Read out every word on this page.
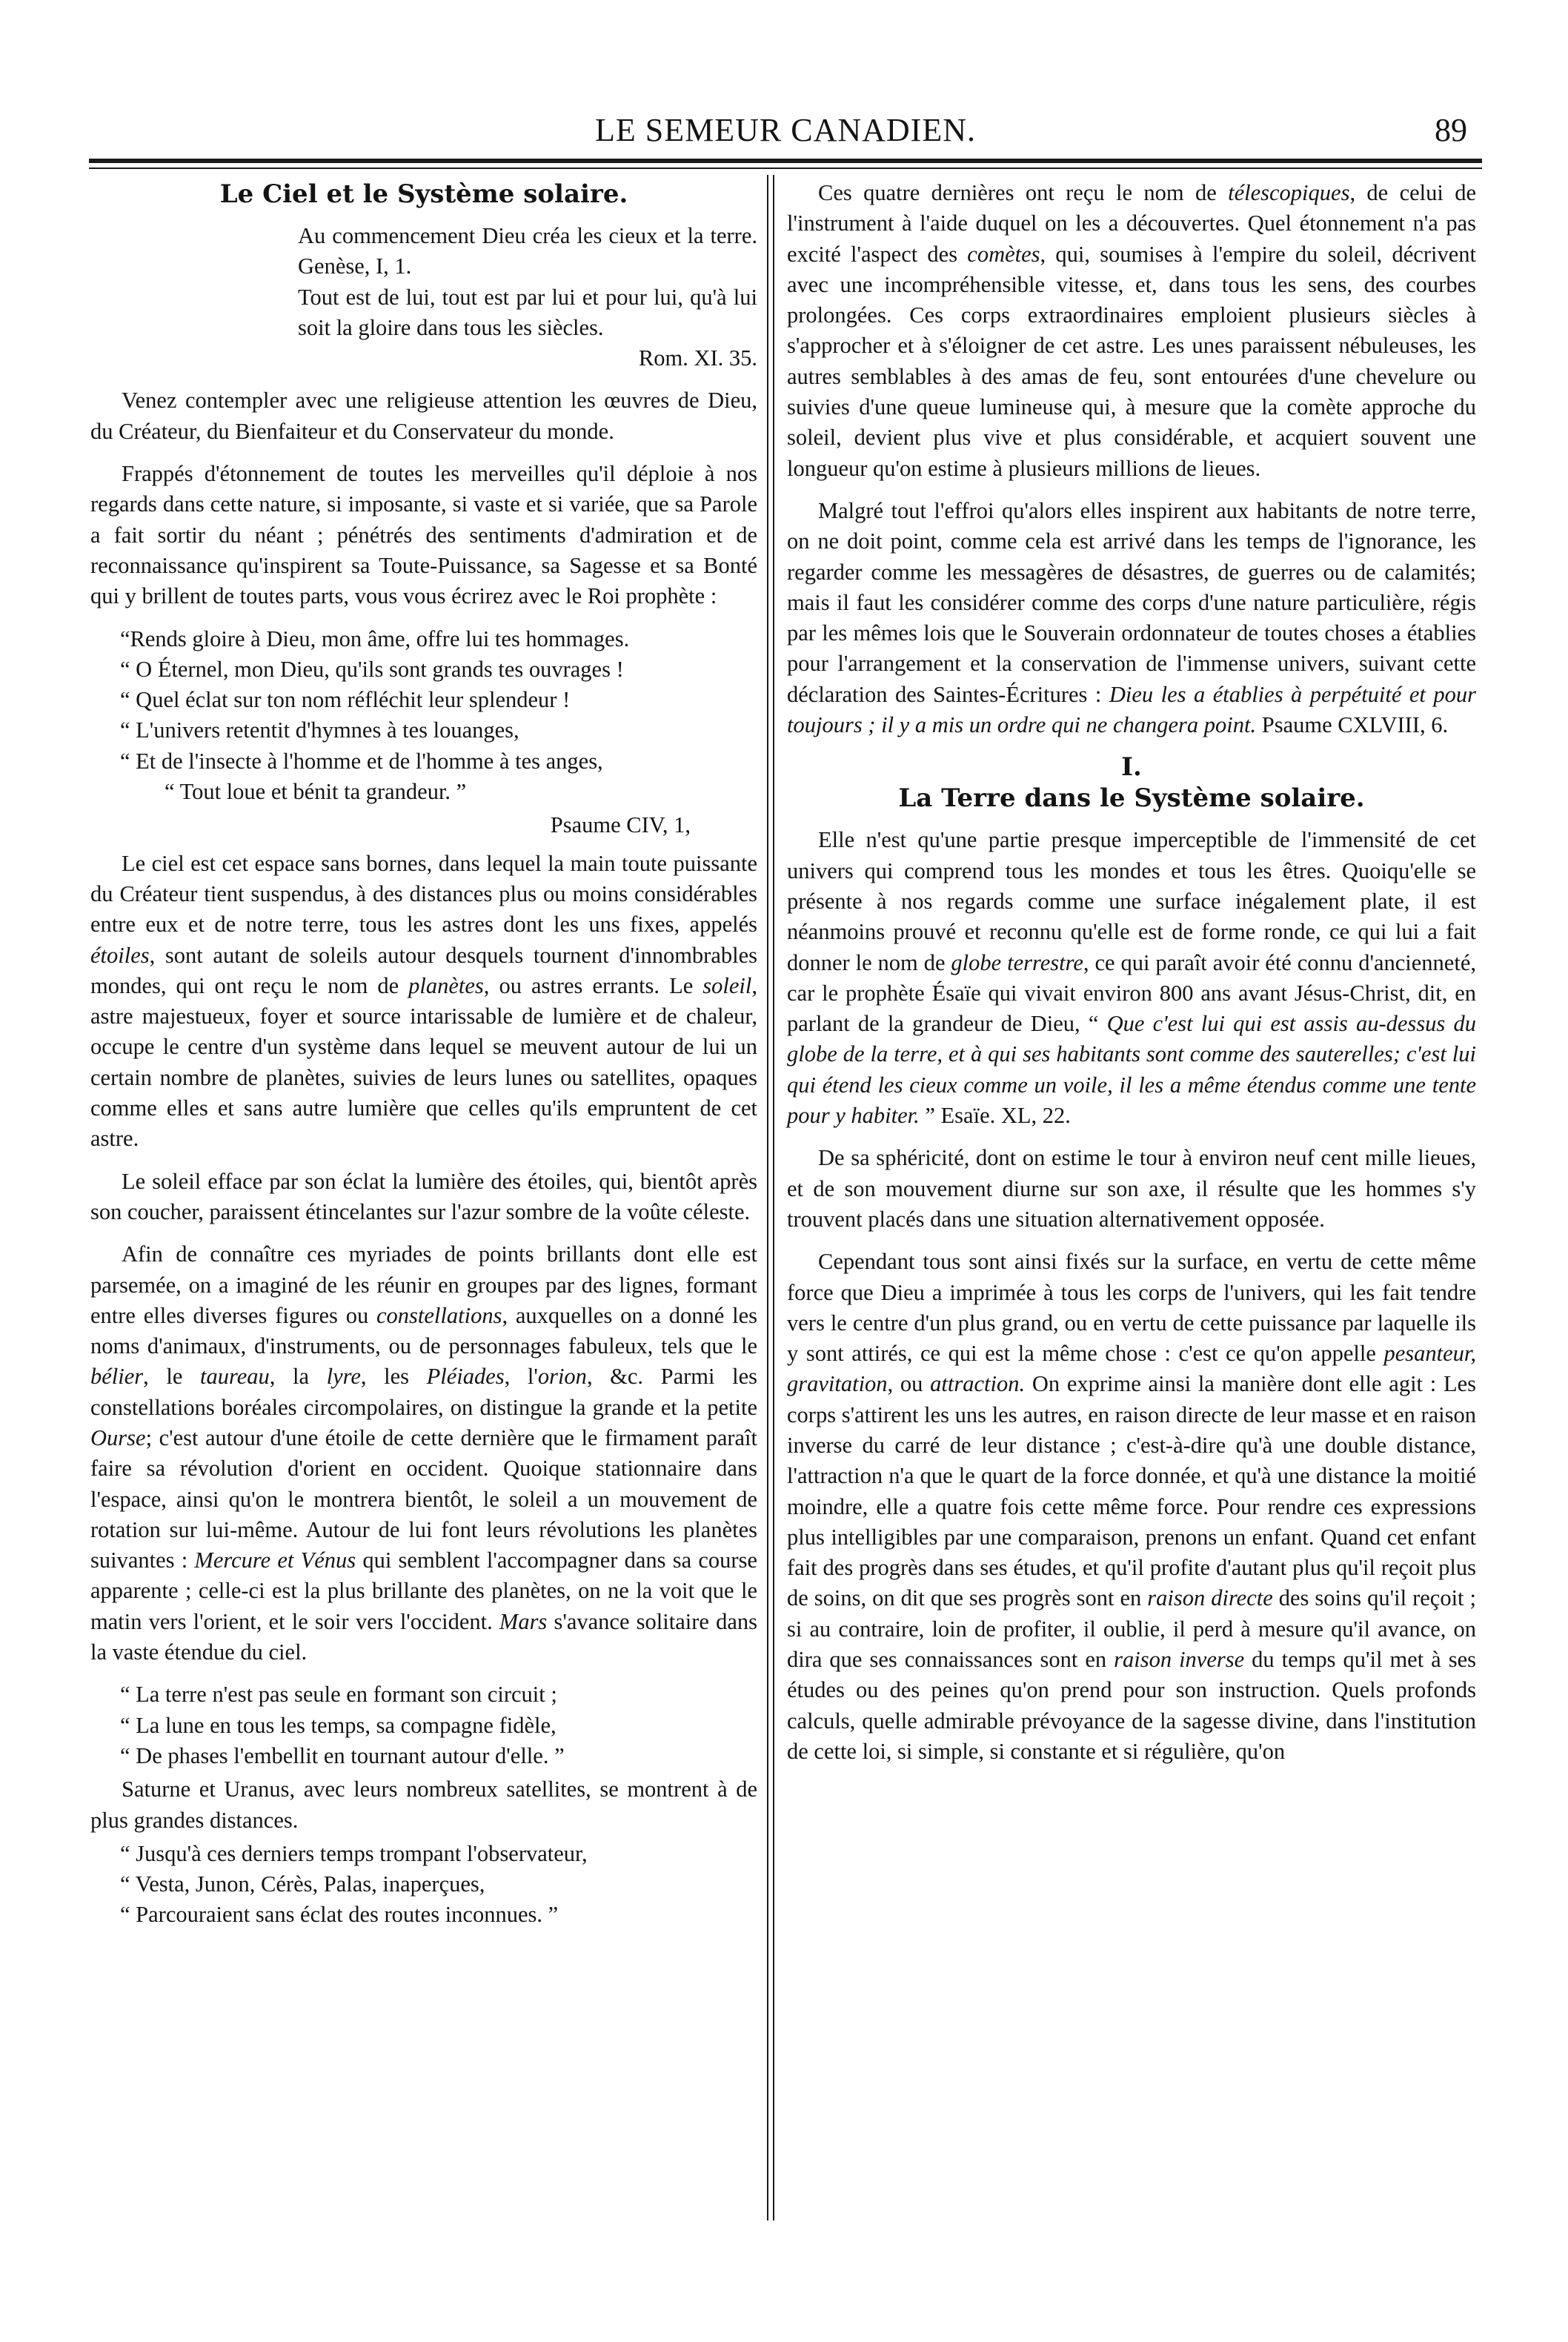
LE SEMEUR CANADIEN.	89
Le Ciel et le Système solaire.
Au commencement Dieu créa les cieux et la terre. Genèse, I, 1.
Tout est de lui, tout est par lui et pour lui, qu'à lui soit la gloire dans tous les siècles.
Rom. XI. 35.

Venez contempler avec une religieuse attention les œuvres de Dieu, du Créateur, du Bienfaiteur et du Conservateur du monde.

Frappés d'étonnement de toutes les merveilles qu'il déploie à nos regards dans cette nature, si imposante, si vaste et si variée, que sa Parole a fait sortir du néant ; pénétrés des sentiments d'admiration et de reconnaissance qu'inspirent sa Toute-Puissance, sa Sagesse et sa Bonté qui y brillent de toutes parts, vous vous écrirez avec le Roi prophète :

“Rends gloire à Dieu, mon âme, offre lui tes hommages.
“ O Éternel, mon Dieu, qu'ils sont grands tes ouvrages !
“ Quel éclat sur ton nom réfléchit leur splendeur !
“ L'univers retentit d'hymnes à tes louanges,
“ Et de l'insecte à l'homme et de l'homme à tes anges,
“ Tout loue et bénit ta grandeur. ”
Psaume CIV, 1,

Le ciel est cet espace sans bornes, dans lequel la main toute puissante du Créateur tient suspendus, à des distances plus ou moins considérables entre eux et de notre terre, tous les astres dont les uns fixes, appelés étoiles, sont autant de soleils autour desquels tournent d'innombrables mondes, qui ont reçu le nom de planètes, ou astres errants. Le soleil, astre majestueux, foyer et source intarissable de lumière et de chaleur, occupe le centre d'un système dans lequel se meuvent autour de lui un certain nombre de planètes, suivies de leurs lunes ou satellites, opaques comme elles et sans autre lumière que celles qu'ils empruntent de cet astre.

Le soleil efface par son éclat la lumière des étoiles, qui, bientôt après son coucher, paraissent étincelantes sur l'azur sombre de la voûte céleste.

Afin de connaître ces myriades de points brillants dont elle est parsemée, on a imaginé de les réunir en groupes par des lignes, formant entre elles diverses figures ou constellations, auxquelles on a donné les noms d'animaux, d'instruments, ou de personnages fabuleux, tels que le bélier, le taureau, la lyre, les Pléiades, l'orion, &c. Parmi les constellations boréales circompolaires, on distingue la grande et la petite Ourse; c'est autour d'une étoile de cette dernière que le firmament paraît faire sa révolution d'orient en occident. Quoique stationnaire dans l'espace, ainsi qu'on le montrera bientôt, le soleil a un mouvement de rotation sur lui-même. Autour de lui font leurs révolutions les planètes suivantes : Mercure et Vénus qui semblent l'accompagner dans sa course apparente ; celle-ci est la plus brillante des planètes, on ne la voit que le matin vers l'orient, et le soir vers l'occident. Mars s'avance solitaire dans la vaste étendue du ciel.

“ La terre n'est pas seule en formant son circuit ;
“ La lune en tous les temps, sa compagne fidèle,
“ De phases l'embellit en tournant autour d'elle. ”

Saturne et Uranus, avec leurs nombreux satellites, se montrent à de plus grandes distances.

“ Jusqu'à ces derniers temps trompant l'observateur,
“ Vesta, Junon, Cérès, Palas, inaperçues,
“ Parcouraient sans éclat des routes inconnues. ”

Ces quatre dernières ont reçu le nom de télescopiques, de celui de l'instrument à l'aide duquel on les a découvertes. Quel étonnement n'a pas excité l'aspect des comètes, qui, soumises à l'empire du soleil, décrivent avec une incompréhensible vitesse, et, dans tous les sens, des courbes prolongées. Ces corps extraordinaires emploient plusieurs siècles à s'approcher et à s'éloigner de cet astre. Les unes paraissent nébuleuses, les autres semblables à des amas de feu, sont entourées d'une chevelure ou suivies d'une queue lumineuse qui, à mesure que la comète approche du soleil, devient plus vive et plus considérable, et acquiert souvent une longueur qu'on estime à plusieurs millions de lieues.

Malgré tout l'effroi qu'alors elles inspirent aux habitants de notre terre, on ne doit point, comme cela est arrivé dans les temps de l'ignorance, les regarder comme les messagères de désastres, de guerres ou de calamités; mais il faut les considérer comme des corps d'une nature particulière, régis par les mêmes lois que le Souverain ordonnateur de toutes choses a établies pour l'arrangement et la conservation de l'immense univers, suivant cette déclaration des Saintes-Écritures : Dieu les a établies à perpétuité et pour toujours ; il y a mis un ordre qui ne changera point. Psaume CXLVIII, 6.

I.
La Terre dans le Système solaire.

Elle n'est qu'une partie presque imperceptible de l'immensité de cet univers qui comprend tous les mondes et tous les êtres. Quoiqu'elle se présente à nos regards comme une surface inégalement plate, il est néanmoins prouvé et reconnu qu'elle est de forme ronde, ce qui lui a fait donner le nom de globe terrestre, ce qui paraît avoir été connu d'ancienneté, car le prophète Ésaïe qui vivait environ 800 ans avant Jésus-Christ, dit, en parlant de la grandeur de Dieu, “ Que c'est lui qui est assis au-dessus du globe de la terre, et à qui ses habitants sont comme des sauterelles; c'est lui qui étend les cieux comme un voile, il les a même étendus comme une tente pour y habiter. ” Esaïe. XL, 22.

De sa sphéricité, dont on estime le tour à environ neuf cent mille lieues, et de son mouvement diurne sur son axe, il résulte que les hommes s'y trouvent placés dans une situation alternativement opposée.

Cependant tous sont ainsi fixés sur la surface, en vertu de cette même force que Dieu a imprimée à tous les corps de l'univers, qui les fait tendre vers le centre d'un plus grand, ou en vertu de cette puissance par laquelle ils y sont attirés, ce qui est la même chose : c'est ce qu'on appelle pesanteur, gravitation, ou attraction. On exprime ainsi la manière dont elle agit : Les corps s'attirent les uns les autres, en raison directe de leur masse et en raison inverse du carré de leur distance ; c'est-à-dire qu'à une double distance, l'attraction n'a que le quart de la force donnée, et qu'à une distance la moitié moindre, elle a quatre fois cette même force. Pour rendre ces expressions plus intelligibles par une comparaison, prenons un enfant. Quand cet enfant fait des progrès dans ses études, et qu'il profite d'autant plus qu'il reçoit plus de soins, on dit que ses progrès sont en raison directe des soins qu'il reçoit ; si au contraire, loin de profiter, il oublie, il perd à mesure qu'il avance, on dira que ses connaissances sont en raison inverse du temps qu'il met à ses études ou des peines qu'on prend pour son instruction. Quels profonds calculs, quelle admirable prévoyance de la sagesse divine, dans l'institution de cette loi, si simple, si constante et si régulière, qu'on
